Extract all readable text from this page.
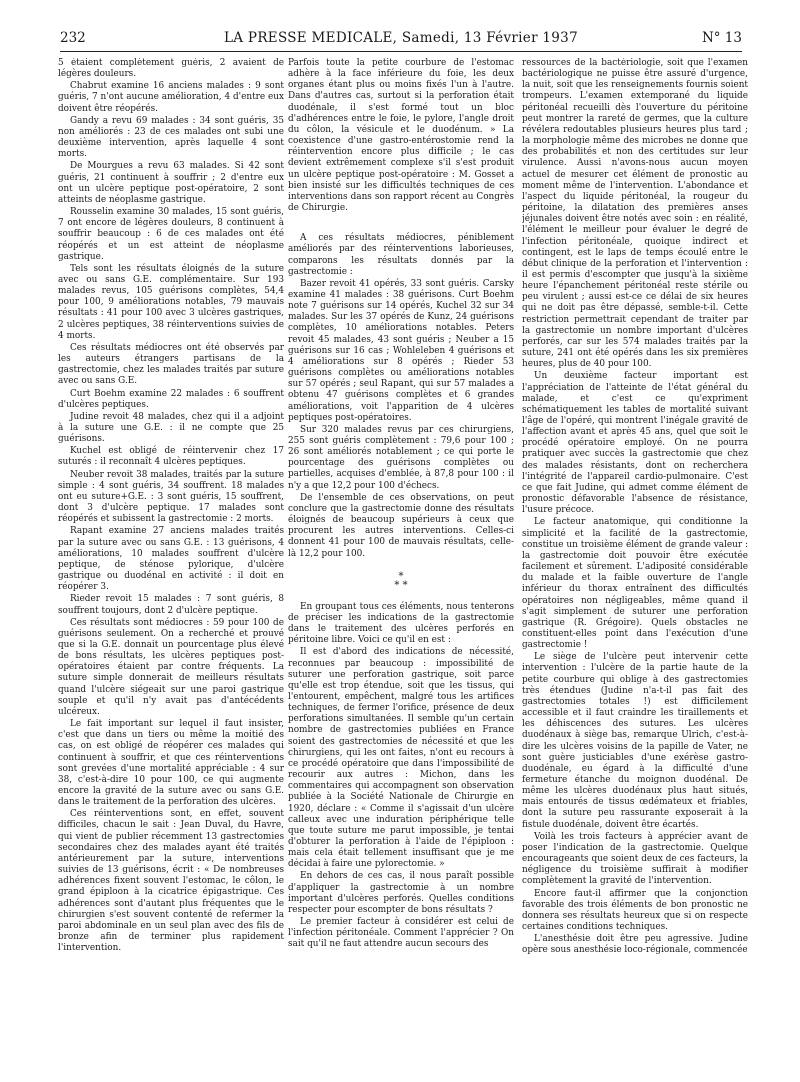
232	LA PRESSE MEDICALE, Samedi, 13 Février 1937	N° 13

5 étaient complètement guéris, 2 avaient de légères douleurs.

Chabrut examine 16 anciens malades : 9 sont guéris, 7 n'ont aucune amélioration, 4 d'entre eux doivent être réopérés.

Gandy a revu 69 malades : 34 sont guéris, 35 non améliorés : 23 de ces malades ont subi une deuxième intervention, après laquelle 4 sont morts.

De Mourgues a revu 63 malades. Si 42 sont guéris, 21 continuent à souffrir ; 2 d'entre eux ont un ulcère peptique post-opératoire, 2 sont atteints de néoplasme gastrique.

Rousselin examine 30 malades, 15 sont guéris, 7 ont encore de légères douleurs, 8 continuent à souffrir beaucoup : 6 de ces malades ont été réopérés et un est atteint de néoplasme gastrique.

Tels sont les résultats éloignés de la suture avec ou sans G.E. complémentaire. Sur 193 malades revus, 105 guérisons complètes, 54,4 pour 100, 9 améliorations notables, 79 mauvais résultats : 41 pour 100 avec 3 ulcères gastriques, 2 ulcères peptiques, 38 réinterventions suivies de 4 morts.

Ces résultats médiocres ont été observés par les auteurs étrangers partisans de la gastrectomie, chez les malades traités par suture avec ou sans G.E.

Curt Boehm examine 22 malades : 6 souffrent d'ulcères peptiques.

Judine revoit 48 malades, chez qui il a adjoint à la suture une G.E. : il ne compte que 25 guérisons.

Kuchel est obligé de réintervenir chez 17 suturés : il reconnaît 4 ulcères peptiques.

Neuber revoit 38 malades, traités par la suture simple : 4 sont guéris, 34 souffrent. 18 malades ont eu suture+G.E. : 3 sont guéris, 15 souffrent, dont 3 d'ulcère peptique. 17 malades sont réopérés et subissent la gastrectomie : 2 morts.

Rapant examine 27 anciens malades traités par la suture avec ou sans G.E. : 13 guérisons, 4 améliorations, 10 malades souffrent d'ulcère peptique, de sténose pylorique, d'ulcère gastrique ou duodénal en activité : il doit en réopérer 3.

Rieder revoit 15 malades : 7 sont guéris, 8 souffrent toujours, dont 2 d'ulcère peptique.

Ces résultats sont médiocres : 59 pour 100 de guérisons seulement. On a recherché et prouvé que si la G.E. donnait un pourcentage plus élevé de bons résultats, les ulcères peptiques post-opératoires étaient par contre fréquents. La suture simple donnerait de meilleurs résultats quand l'ulcère siégeait sur une paroi gastrique souple et qu'il n'y avait pas d'antécédents ulcéreux.

Le fait important sur lequel il faut insister, c'est que dans un tiers ou même la moitié des cas, on est obligé de réopérer ces malades qui continuent à souffrir, et que ces réinterventions sont grevées d'une mortalité appréciable : 4 sur 38, c'est-à-dire 10 pour 100, ce qui augmente encore la gravité de la suture avec ou sans G.E. dans le traitement de la perforation des ulcères.

Ces réinterventions sont, en effet, souvent difficiles, chacun le sait : Jean Duval, du Havre, qui vient de publier récemment 13 gastrectomies secondaires chez des malades ayant été traités antérieurement par la suture, interventions suivies de 13 guérisons, écrit : « De nombreuses adhérences fixent souvent l'estomac, le côlon, le grand épiploon à la cicatrice épigastrique. Ces adhérences sont d'autant plus fréquentes que le chirurgien s'est souvent contenté de refermer la paroi abdominale en un seul plan avec des fils de bronze afin de terminer plus rapidement l'intervention.

Parfois toute la petite courbure de l'estomac adhère à la face inférieure du foie, les deux organes étant plus ou moins fixés l'un à l'autre. Dans d'autres cas, surtout si la perforation était duodénale, il s'est formé tout un bloc d'adhérences entre le foie, le pylore, l'angle droit du côlon, la vésicule et le duodénum. » La coexistence d'une gastro-entérostomie rend la réintervention encore plus difficile ; le cas devient extrêmement complexe s'il s'est produit un ulcère peptique post-opératoire : M. Gosset a bien insisté sur les difficultés techniques de ces interventions dans son rapport récent au Congrès de Chirurgie.

A ces résultats médiocres, péniblement améliorés par des réinterventions laborieuses, comparons les résultats donnés par la gastrectomie :

Bazer revoit 41 opérés, 33 sont guéris. Carsky examine 41 malades : 38 guérisons. Curt Boehm note 7 guérisons sur 14 opérés, Kuchel 32 sur 34 malades. Sur les 37 opérés de Kunz, 24 guérisons complètes, 10 améliorations notables. Peters revoit 45 malades, 43 sont guéris ; Neuber a 15 guérisons sur 16 cas ; Wohleleben 4 guérisons et 4 améliorations sur 8 opérés ; Rieder 53 guérisons complètes ou améliorations notables sur 57 opérés ; seul Rapant, qui sur 57 malades a obtenu 47 guérisons complètes et 6 grandes améliorations, voit l'apparition de 4 ulcères peptiques post-opératoires.

Sur 320 malades revus par ces chirurgiens, 255 sont guéris complètement : 79,6 pour 100 ; 26 sont améliorés notablement ; ce qui porte le pourcentage des guérisons complètes ou partielles, acquises d'emblée, à 87,8 pour 100 : il n'y a que 12,2 pour 100 d'échecs.

De l'ensemble de ces observations, on peut conclure que la gastrectomie donne des résultats éloignés de beaucoup supérieurs à ceux que procurent les autres interventions. Celles-ci donnent 41 pour 100 de mauvais résultats, celle-là 12,2 pour 100.

*
* *

En groupant tous ces éléments, nous tenterons de préciser les indications de la gastrectomie dans le traitement des ulcères perforés en péritoine libre. Voici ce qu'il en est :

Il est d'abord des indications de nécessité, reconnues par beaucoup : impossibilité de suturer une perforation gastrique, soit parce qu'elle est trop étendue, soit que les tissus, qui l'entourent, empêchent, malgré tous les artifices techniques, de fermer l'orifice, présence de deux perforations simultanées. Il semble qu'un certain nombre de gastrectomies publiées en France soient des gastrectomies de nécessité et que les chirurgiens, qui les ont faites, n'ont eu recours à ce procédé opératoire que dans l'impossibilité de recourir aux autres : Michon, dans les commentaires qui accompagnent son observation publiée à la Société Nationale de Chirurgie en 1920, déclare : « Comme il s'agissait d'un ulcère calleux avec une induration périphérique telle que toute suture me parut impossible, je tentai d'obturer la perforation à l'aide de l'épiploon : mais cela était tellement insuffisant que je me décidai à faire une pylorectomie. »

En dehors de ces cas, il nous paraît possible d'appliquer la gastrectomie à un nombre important d'ulcères perforés. Quelles conditions respecter pour escompter de bons résultats ?

Le premier facteur à considérer est celui de l'infection péritonéale. Comment l'apprécier ? On sait qu'il ne faut attendre aucun secours des

ressources de la bactériologie, soit que l'examen bactériologique ne puisse être assuré d'urgence, la nuit, soit que les renseignements fournis soient trompeurs. L'examen extemporané du liquide péritonéal recueilli dès l'ouverture du péritoine peut montrer la rareté de germes, que la culture révélera redoutables plusieurs heures plus tard ; la morphologie même des microbes ne donne que des probabilités et non des certitudes sur leur virulence. Aussi n'avons-nous aucun moyen actuel de mesurer cet élément de pronostic au moment même de l'intervention. L'abondance et l'aspect du liquide péritonéal, la rougeur du péritoine, la dilatation des premières anses jéjunales doivent être notés avec soin : en réalité, l'élément le meilleur pour évaluer le degré de l'infection péritonéale, quoique indirect et contingent, est le laps de temps écoulé entre le début clinique de la perforation et l'intervention : il est permis d'escompter que jusqu'à la sixième heure l'épanchement péritonéal reste stérile ou peu virulent ; aussi est-ce ce délai de six heures qui ne doit pas être dépassé, semble-t-il. Cette restriction permettrait cependant de traiter par la gastrectomie un nombre important d'ulcères perforés, car sur les 574 malades traités par la suture, 241 ont été opérés dans les six premières heures, plus de 40 pour 100.

Un deuxième facteur important est l'appréciation de l'atteinte de l'état général du malade, et c'est ce qu'expriment schématiquement les tables de mortalité suivant l'âge de l'opéré, qui montrent l'inégale gravité de l'affection avant et après 45 ans, quel que soit le procédé opératoire employé. On ne pourra pratiquer avec succès la gastrectomie que chez des malades résistants, dont on recherchera l'intégrité de l'appareil cardio-pulmonaire. C'est ce que fait Judine, qui admet comme élément de pronostic défavorable l'absence de résistance, l'usure précoce.

Le facteur anatomique, qui conditionne la simplicité et la facilité de la gastrectomie, constitue un troisième élément de grande valeur : la gastrectomie doit pouvoir être exécutée facilement et sûrement. L'adiposité considérable du malade et la faible ouverture de l'angle inférieur du thorax entraînent des difficultés opératoires non négligeables, même quand il s'agit simplement de suturer une perforation gastrique (R. Grégoire). Quels obstacles ne constituent-elles point dans l'exécution d'une gastrectomie !

Le siège de l'ulcère peut intervenir cette intervention : l'ulcère de la partie haute de la petite courbure qui oblige à des gastrectomies très étendues (Judine n'a-t-il pas fait des gastrectomies totales !) est difficilement accessible et il faut craindre les tiraillements et les déhiscences des sutures. Les ulcères duodénaux à siège bas, remarque Ulrich, c'est-à-dire les ulcères voisins de la papille de Vater, ne sont guère justiciables d'une exérèse gastro-duodénale, eu égard à la difficulté d'une fermeture étanche du moignon duodénal. De même les ulcères duodénaux plus haut situés, mais entourés de tissus œdémateux et friables, dont la suture peu rassurante exposerait à la fistule duodénale, doivent être écartés.

Voilà les trois facteurs à apprécier avant de poser l'indication de la gastrectomie. Quelque encourageants que soient deux de ces facteurs, la négligence du troisième suffirait à modifier complètement la gravité de l'intervention.

Encore faut-il affirmer que la conjonction favorable des trois éléments de bon pronostic ne donnera ses résultats heureux que si on respecte certaines conditions techniques.

L'anesthésie doit être peu agressive. Judine opère sous anesthésie loco-régionale, commencée
